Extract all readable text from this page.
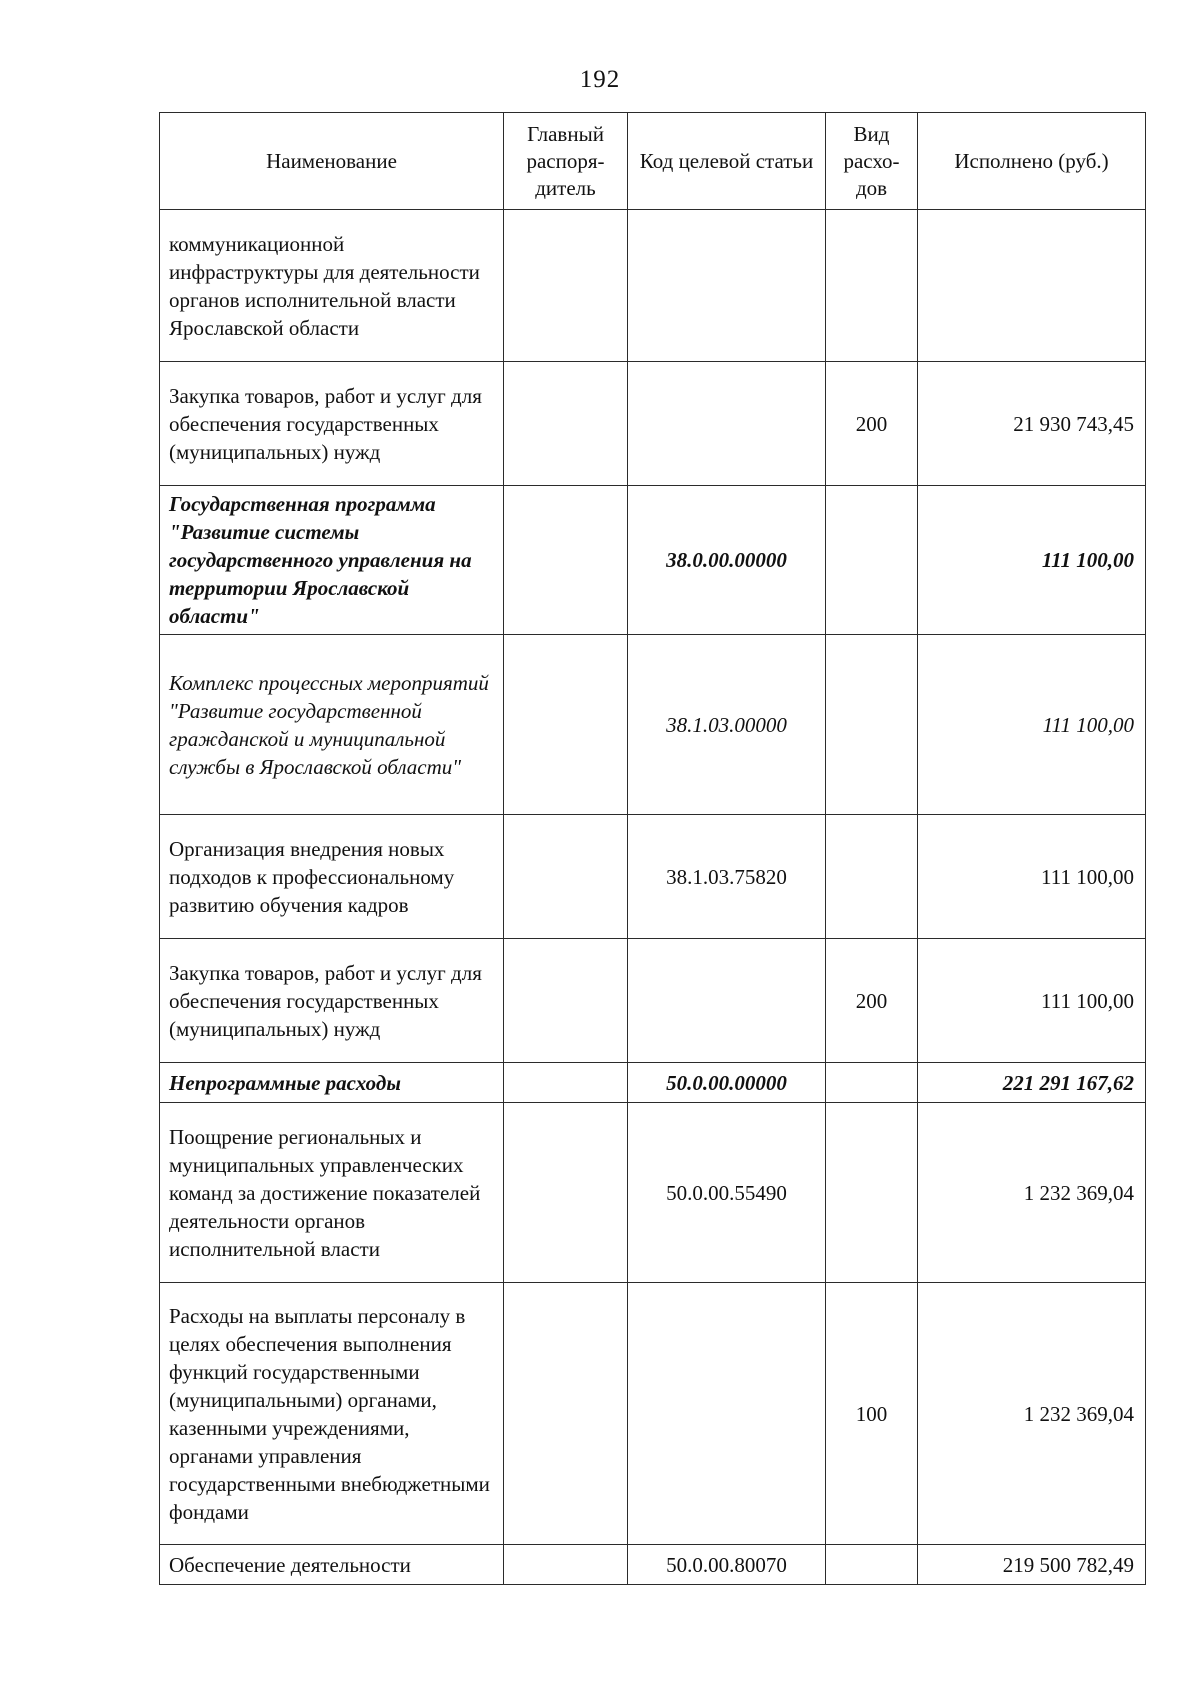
192
Наименование	Главный распоря-дитель	Код целевой статьи	Вид расхо-дов	Исполнено (руб.)
коммуникационной инфраструктуры для деятельности органов исполнительной власти Ярославской области				
Закупка товаров, работ и услуг для обеспечения государственных (муниципальных) нужд			200	21 930 743,45
Государственная программа "Развитие системы государственного управления на территории Ярославской области"		38.0.00.00000		111 100,00
Комплекс процессных мероприятий "Развитие государственной гражданской и муниципальной службы в Ярославской области"		38.1.03.00000		111 100,00
Организация внедрения новых подходов к профессиональному развитию обучения кадров		38.1.03.75820		111 100,00
Закупка товаров, работ и услуг для обеспечения государственных (муниципальных) нужд			200	111 100,00
Непрограммные расходы		50.0.00.00000		221 291 167,62
Поощрение региональных и муниципальных управленческих команд за достижение показателей деятельности органов исполнительной власти		50.0.00.55490		1 232 369,04
Расходы на выплаты персоналу в целях обеспечения выполнения функций государственными (муниципальными) органами, казенными учреждениями, органами управления государственными внебюджетными фондами			100	1 232 369,04
Обеспечение деятельности		50.0.00.80070		219 500 782,49
